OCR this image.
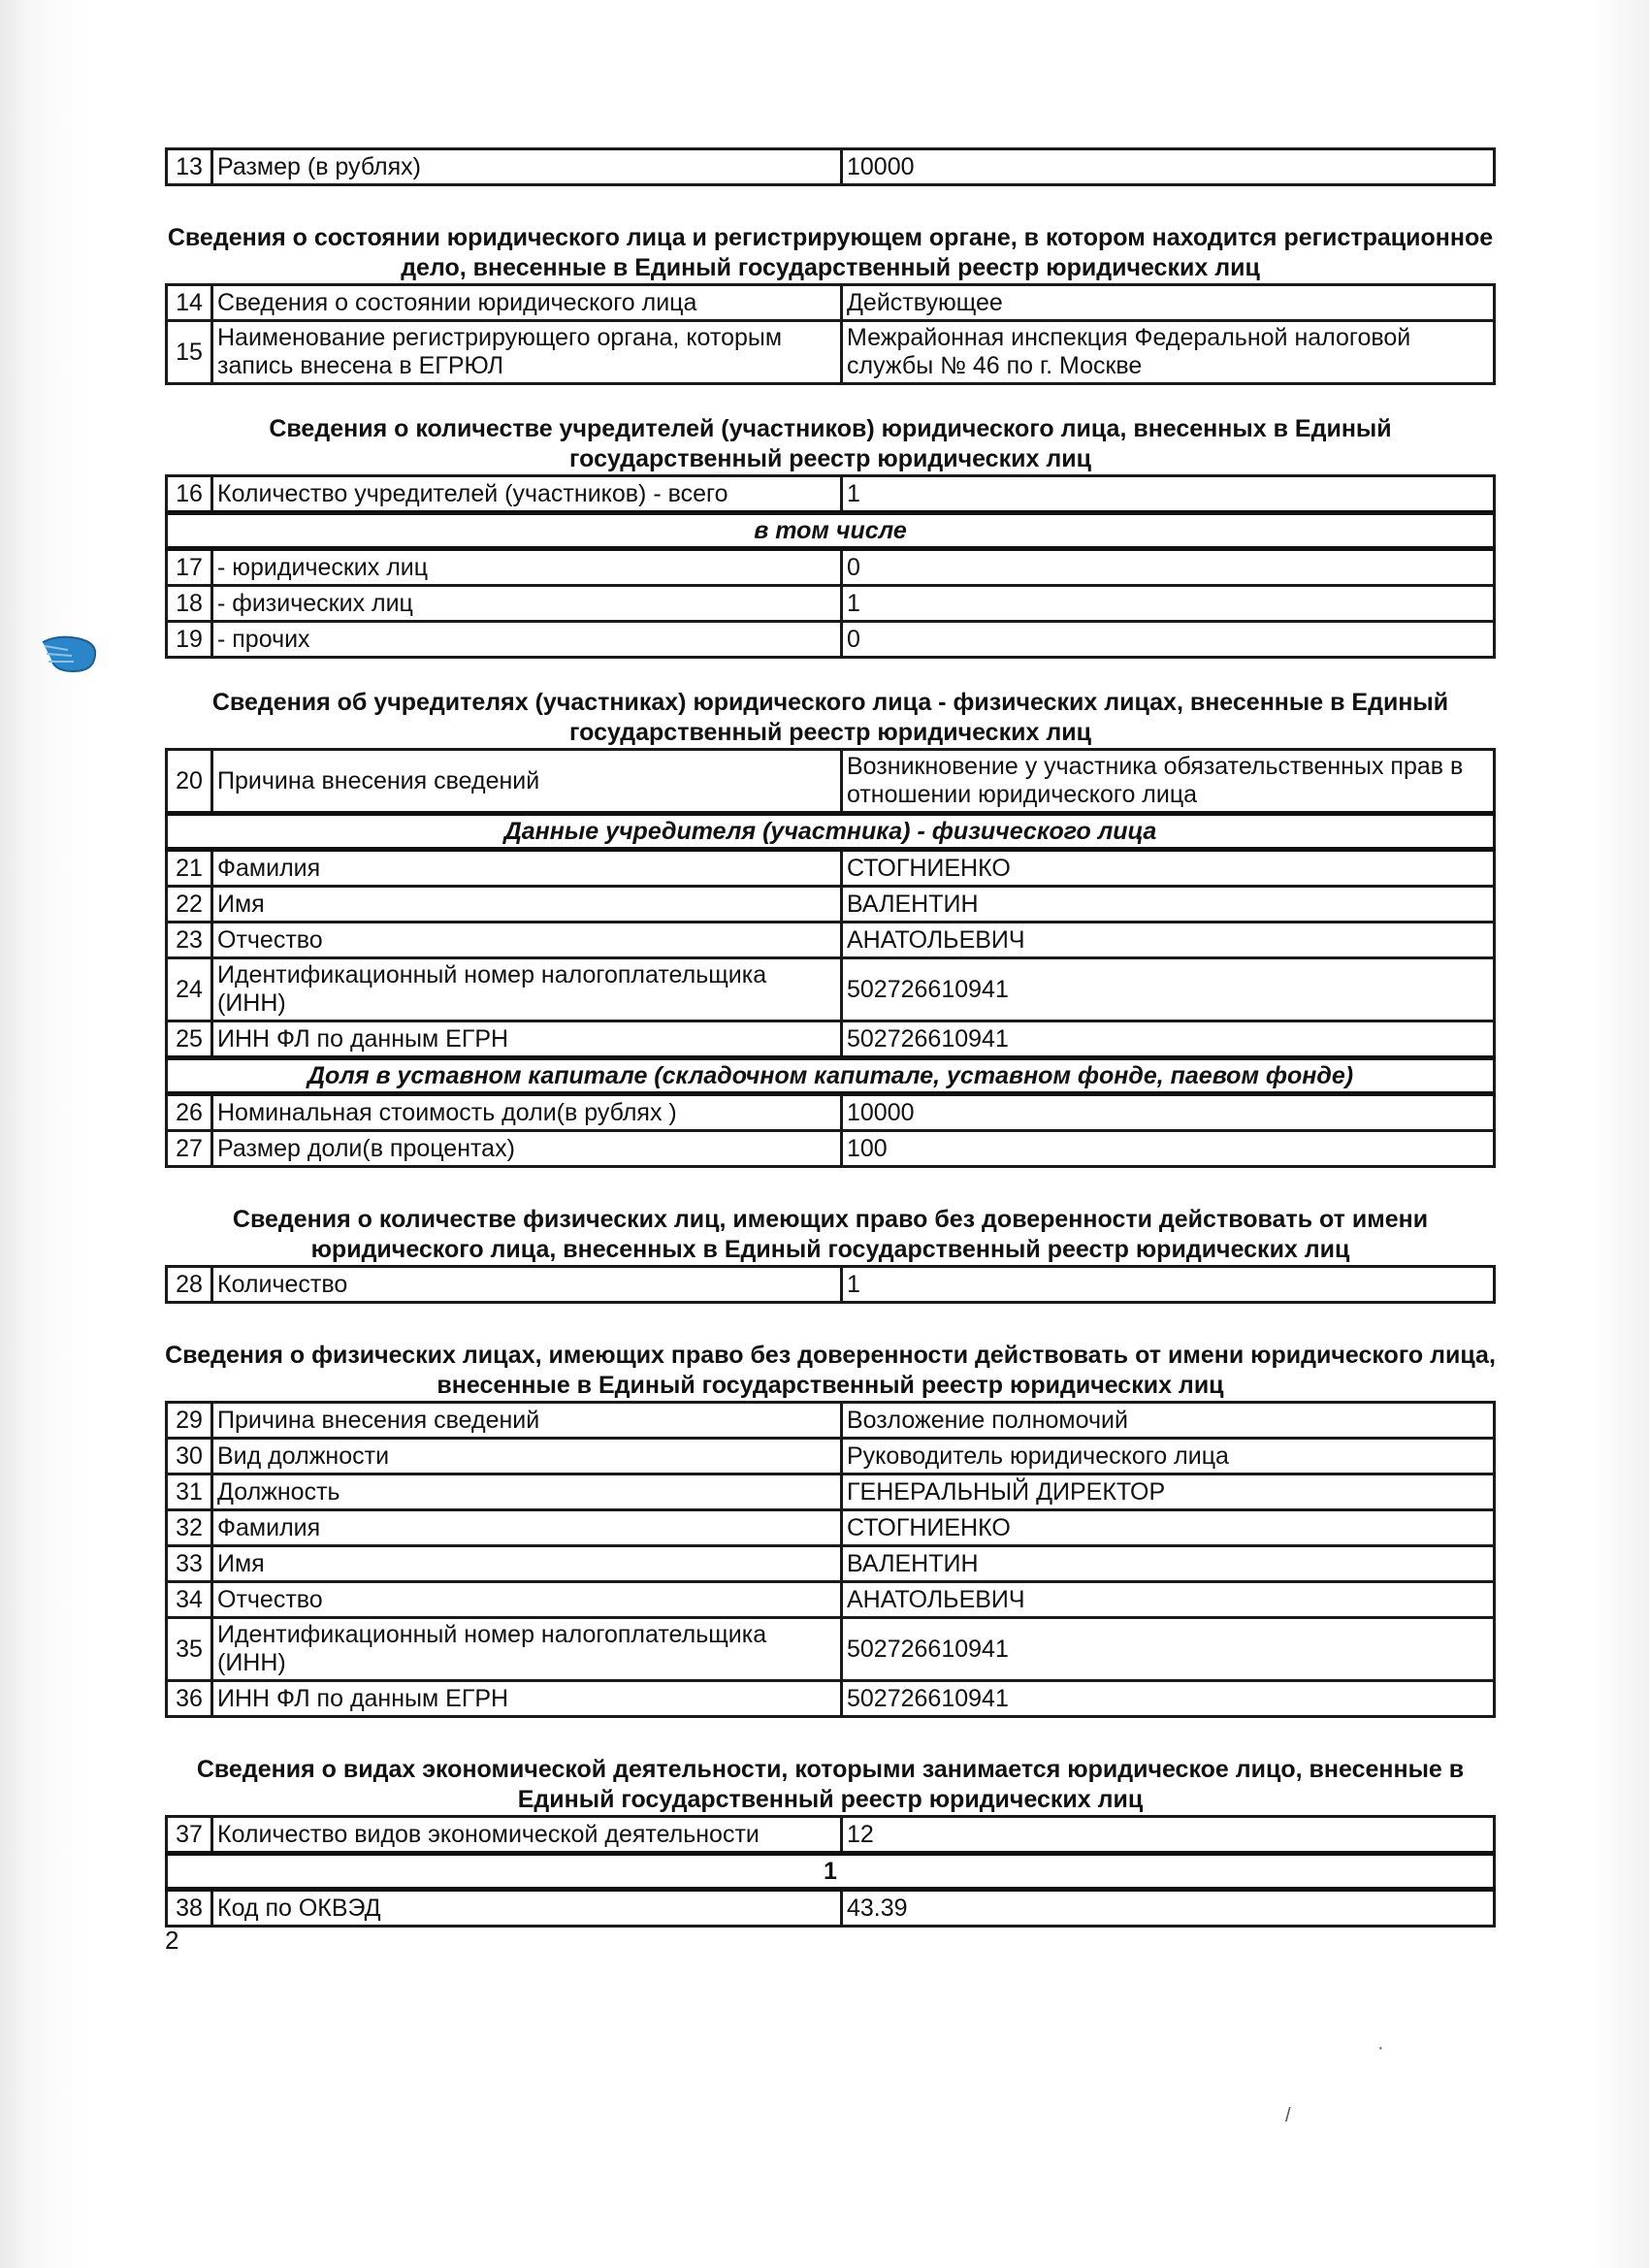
13	Размер (в рублях)	10000
Сведения о состоянии юридического лица и регистрирующем органе, в котором находится регистрационное дело, внесенные в Единый государственный реестр юридических лиц
14	Сведения о состоянии юридического лица	Действующее
15	Наименование регистрирующего органа, которым запись внесена в ЕГРЮЛ	Межрайонная инспекция Федеральной налоговой службы № 46 по г. Москве
Сведения о количестве учредителей (участников) юридического лица, внесенных в Единый государственный реестр юридических лиц
16	Количество учредителей (участников) - всего	1
в том числе		
17	- юридических лиц	0
18	- физических лиц	1
19	- прочих	0
Сведения об учредителях (участниках) юридического лица - физических лицах, внесенные в Единый государственный реестр юридических лиц
20	Причина внесения сведений	Возникновение у участника обязательственных прав в отношении юридического лица
Данные учредителя (участника) - физического лица		
21	Фамилия	СТОГНИЕНКО
22	Имя	ВАЛЕНТИН
23	Отчество	АНАТОЛЬЕВИЧ
24	Идентификационный номер налогоплательщика (ИНН)	502726610941
25	ИНН ФЛ по данным ЕГРН	502726610941
Доля в уставном капитале (складочном капитале, уставном фонде, паевом фонде)		
26	Номинальная стоимость доли(в рублях )	10000
27	Размер доли(в процентах)	100
Сведения о количестве физических лиц, имеющих право без доверенности действовать от имени юридического лица, внесенных в Единый государственный реестр юридических лиц
28	Количество	1
Сведения о физических лицах, имеющих право без доверенности действовать от имени юридического лица, внесенные в Единый государственный реестр юридических лиц
29	Причина внесения сведений	Возложение полномочий
30	Вид должности	Руководитель юридического лица
31	Должность	ГЕНЕРАЛЬНЫЙ ДИРЕКТОР
32	Фамилия	СТОГНИЕНКО
33	Имя	ВАЛЕНТИН
34	Отчество	АНАТОЛЬЕВИЧ
35	Идентификационный номер налогоплательщика (ИНН)	502726610941
36	ИНН ФЛ по данным ЕГРН	502726610941
Сведения о видах экономической деятельности, которыми занимается юридическое лицо, внесенные в Единый государственный реестр юридических лиц
37	Количество видов экономической деятельности	12
1		
38	Код по ОКВЭД	43.39
2
·
/
